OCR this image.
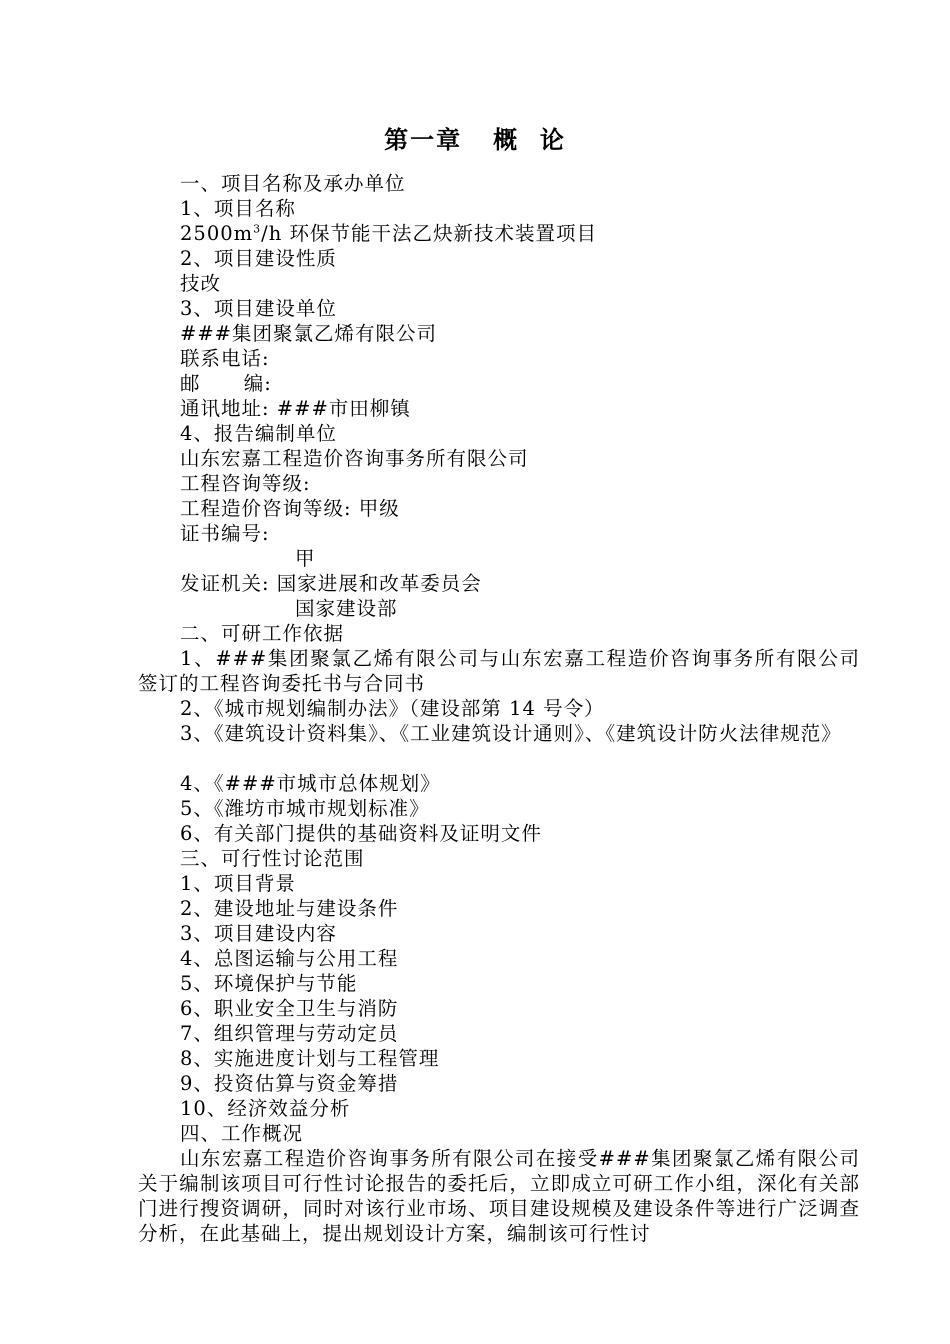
第一章 概  论
一、项目名称及承办单位
1、项目名称
$2500m^3/h$ 环保节能干法乙炔新技术装置项目
2、项目建设性质
技改
3、项目建设单位
###集团聚氯乙烯有限公司
联系电话:
邮      编:
通讯地址: ###市田柳镇
4、报告编制单位
山东宏嘉工程造价咨询事务所有限公司
工程咨询等级:
工程造价咨询等级: 甲级
证书编号:
甲
发证机关: 国家进展和改革委员会
国家建设部
二、可研工作依据
1、###集团聚氯乙烯有限公司与山东宏嘉工程造价咨询事务所有限公司签订的工程咨询委托书与合同书
2、《城市规划编制办法》（建设部第 14 号令）
3、《建筑设计资料集》、《工业建筑设计通则》、《建筑设计防火法律规范》
4、《###市城市总体规划》
5、《潍坊市城市规划标准》
6、有关部门提供的基础资料及证明文件
三、可行性讨论范围
1、项目背景
2、建设地址与建设条件
3、项目建设内容
4、总图运输与公用工程
5、环境保护与节能
6、职业安全卫生与消防
7、组织管理与劳动定员
8、实施进度计划与工程管理
9、投资估算与资金筹措
10、经济效益分析
四、工作概况
山东宏嘉工程造价咨询事务所有限公司在接受###集团聚氯乙烯有限公司关于编制该项目可行性讨论报告的委托后，立即成立可研工作小组，深化有关部门进行搜资调研，同时对该行业市场、项目建设规模及建设条件等进行广泛调查分析，在此基础上，提出规划设计方案，编制该可行性讨
